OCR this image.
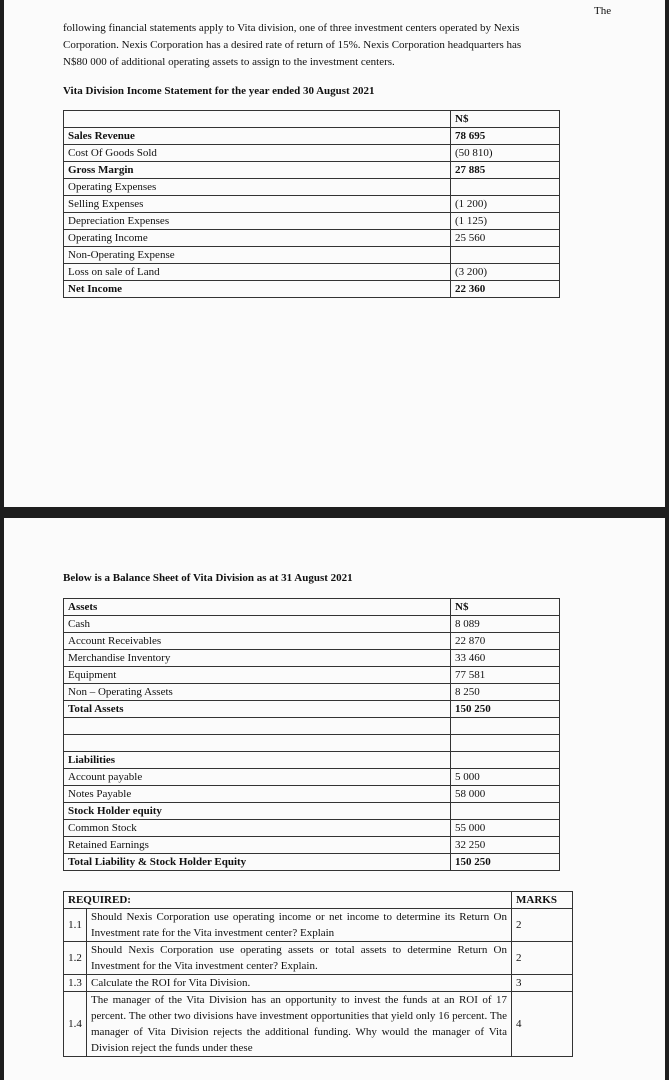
The
following financial statements apply to Vita division, one of three investment centers operated by Nexis
Corporation. Nexis Corporation has a desired rate of return of 15%. Nexis Corporation headquarters has
N$80 000 of additional operating assets to assign to the investment centers.
Vita Division Income Statement for the year ended 30 August 2021
	N$
Sales Revenue	78 695
Cost Of Goods Sold	(50 810)
Gross Margin	27 885
Operating Expenses	
Selling Expenses	(1 200)
Depreciation Expenses	(1 125)
Operating Income	25 560
Non-Operating Expense	
Loss on sale of Land	(3 200)
Net Income	22 360
Below is a Balance Sheet of Vita Division as at 31 August 2021
Assets	N$
Cash	8 089
Account Receivables	22 870
Merchandise Inventory	33 460
Equipment	77 581
Non – Operating Assets	8 250
Total Assets	150 250

Liabilities	
Account payable	5 000
Notes Payable	58 000
Stock Holder equity	
Common Stock	55 000
Retained Earnings	32 250
Total Liability & Stock Holder Equity	150 250
REQUIRED:		MARKS
1.1	Should Nexis Corporation use operating income or net income to determine its Return On Investment rate for the Vita investment center? Explain	2
1.2	Should Nexis Corporation use operating assets or total assets to determine Return On Investment for the Vita investment center? Explain.	2
1.3	Calculate the ROI for Vita Division.	3
1.4	The manager of the Vita Division has an opportunity to invest the funds at an ROI of 17 percent. The other two divisions have investment opportunities that yield only 16 percent. The manager of Vita Division rejects the additional funding. Why would the manager of Vita Division reject the funds under these	4
